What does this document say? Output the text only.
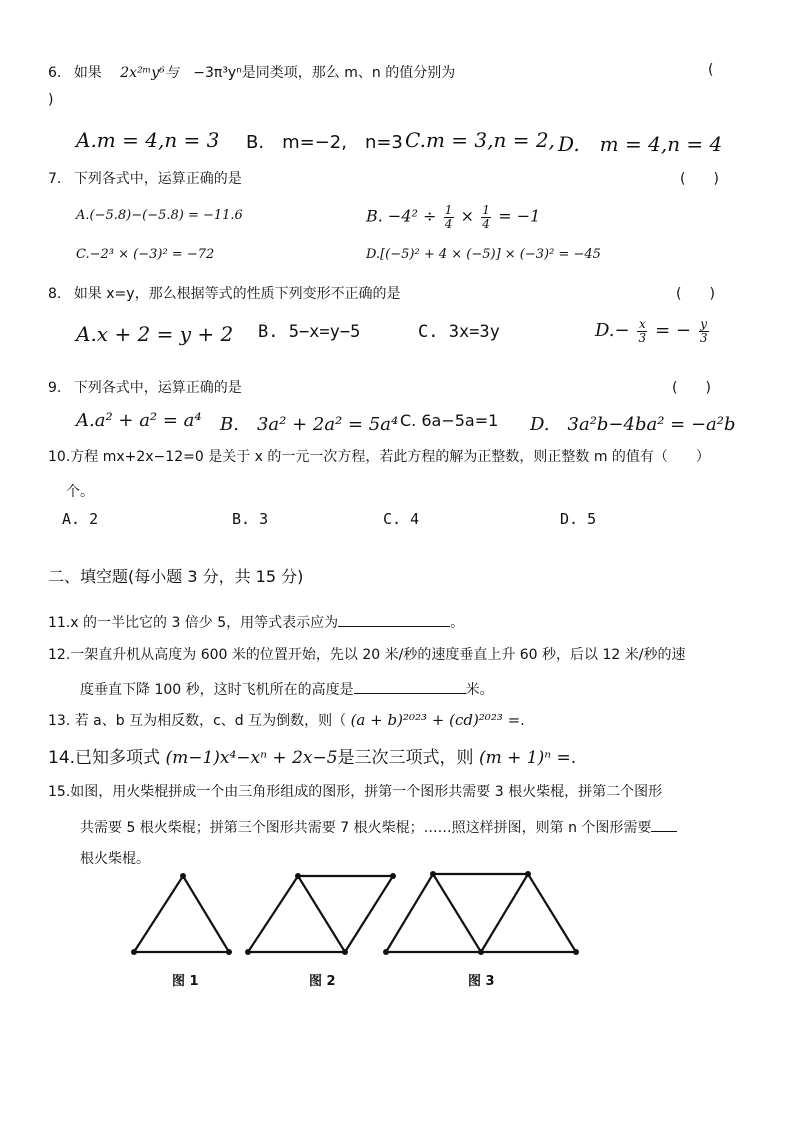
6. 如果 2x²ᵐy⁶与 −3π³yⁿ是同类项，那么 m、n 的值分别为	(
)
A.m = 4,n = 3 B.　m=−2,　n=3 C.m = 3,n = 2, D.　m = 4,n = 4
7. 下列各式中，运算正确的是	(　　)
A.(−5.8)−(−5.8) = −11.6	B. $-4^2 \div \frac{1}{4} \times \frac{1}{4} = -1$
C.−2³ × (−3)² = −72	D.[(−5)² + 4 × (−5)] × (−3)² = −45
8. 如果 x=y，那么根据等式的性质下列变形不正确的是	(　　)
A.x + 2 = y + 2 B. 5−x=y−5	C. 3x=3y	$D.- \frac{x}{3}$ = − $\frac{y}{3}$
9. 下列各式中，运算正确的是	(　　)
A.a² + a² = a⁴ B.　3a² + 2a² = 5a⁴ C. 6a−5a=1 D.　3a²b−4ba² = −a²b
10.方程 mx+2x−12=0 是关于 x 的一元一次方程，若此方程的解为正整数，则正整数 m 的值有（　　）
个。
A. 2	B. 3	C. 4	D. 5
二、填空题(每小题 3 分，共 15 分)
11.x 的一半比它的 3 倍少 5，用等式表示应为	。
12.一架直升机从高度为 600 米的位置开始，先以 20 米/秒的速度垂直上升 60 秒，后以 12 米/秒的速
度垂直下降 100 秒，这时飞机所在的高度是	米。
13. 若 a、b 互为相反数，c、d 互为倒数，则（ (a + b)²⁰²³ + (cd)²⁰²³ =.
14.已知多项式 (m−1)x⁴−xⁿ + 2x−5是三次三项式，则 (m + 1)ⁿ =.
15.如图，用火柴棍拼成一个由三角形组成的图形，拼第一个图形共需要 3 根火柴棍，拼第二个图形
共需要 5 根火柴棍；拼第三个图形共需要 7 根火柴棍；……照这样拼图，则第 n 个图形需要
根火柴棍。
图 1	图 2	图 3
